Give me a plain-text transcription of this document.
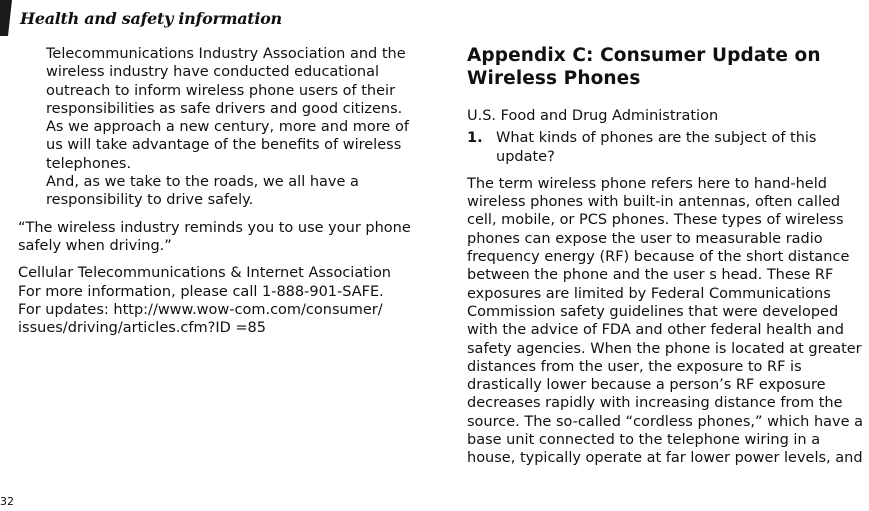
Health and safety information

Telecommunications Industry Association and the wireless industry have conducted educational outreach to inform wireless phone users of their responsibilities as safe drivers and good citizens.

As we approach a new century, more and more of us will take advantage of the benefits of wireless telephones.

And, as we take to the roads, we all have a responsibility to drive safely.

“The wireless industry reminds you to use your phone safely when driving.”

Cellular Telecommunications & Internet Association

For more information, please call 1-888-901-SAFE.

For updates: http://www.wow-com.com/consumer/ issues/driving/articles.cfm?ID =85

Appendix C: Consumer Update on Wireless Phones

U.S. Food and Drug Administration

1. What kinds of phones are the subject of this update?

The term wireless phone refers here to hand-held wireless phones with built-in antennas, often called cell, mobile, or PCS phones. These types of wireless phones can expose the user to measurable radio frequency energy (RF) because of the short distance between the phone and the user s head. These RF exposures are limited by Federal Communications Commission safety guidelines that were developed with the advice of FDA and other federal health and safety agencies. When the phone is located at greater distances from the user, the exposure to RF is drastically lower because a person’s RF exposure decreases rapidly with increasing distance from the source. The so-called “cordless phones,” which have a base unit connected to the telephone wiring in a house, typically operate at far lower power levels, and

32
